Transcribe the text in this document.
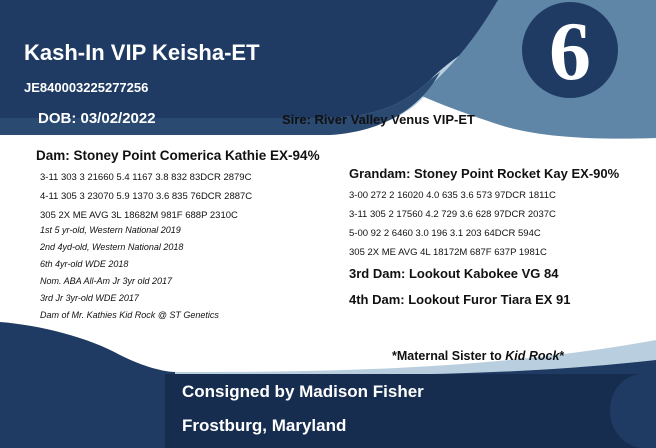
6
Kash-In VIP Keisha-ET
JE840003225277256
DOB: 03/02/2022	Sire: River Valley Venus VIP-ET
Dam: Stoney Point Comerica Kathie EX-94%
3-11 303 3 21660 5.4 1167 3.8 832 83DCR 2879C
4-11 305 3 23070 5.9 1370 3.6 835 76DCR 2887C
305 2X ME AVG 3L 18682M 981F 688P 2310C
1st 5 yr-old, Western National 2019
2nd 4yd-old, Western National 2018
6th 4yr-old WDE 2018
Nom. ABA All-Am Jr 3yr old 2017
3rd Jr 3yr-old WDE 2017
Dam of Mr. Kathies Kid Rock @ ST Genetics
Grandam: Stoney Point Rocket Kay EX-90%
3-00 272 2 16020 4.0 635 3.6 573 97DCR 1811C
3-11 305 2 17560 4.2 729 3.6 628 97DCR 2037C
5-00 92 2 6460 3.0 196 3.1 203 64DCR 594C
305 2X ME AVG 4L 18172M 687F 637P 1981C
3rd Dam: Lookout Kabokee VG 84
4th Dam: Lookout Furor Tiara EX 91
*Maternal Sister to Kid Rock*
Consigned by Madison Fisher
Frostburg, Maryland
